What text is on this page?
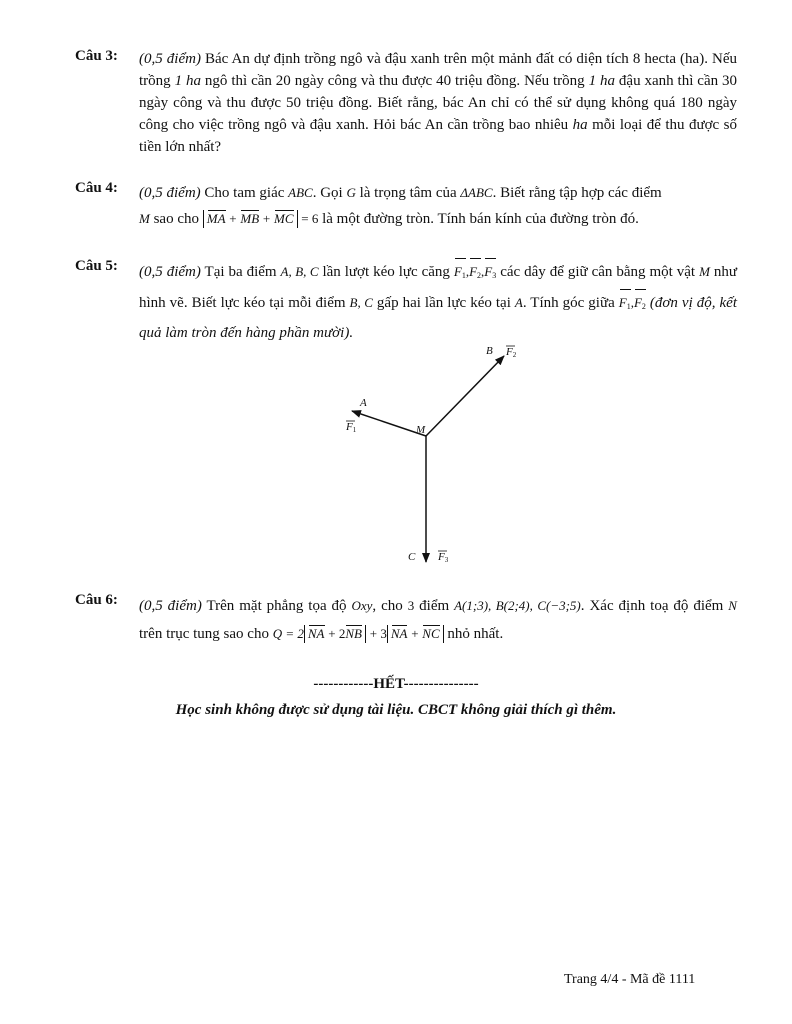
Câu 3: (0,5 điểm) Bác An dự định trồng ngô và đậu xanh trên một mảnh đất có diện tích 8 hecta (ha). Nếu trồng 1 ha ngô thì cần 20 ngày công và thu được 40 triệu đồng. Nếu trồng 1 ha đậu xanh thì cần 30 ngày công và thu được 50 triệu đồng. Biết rằng, bác An chỉ có thể sử dụng không quá 180 ngày công cho việc trồng ngô và đậu xanh. Hỏi bác An cần trồng bao nhiêu ha mỗi loại để thu được số tiền lớn nhất?
Câu 4: (0,5 điểm) Cho tam giác ABC. Gọi G là trọng tâm của ΔABC. Biết rằng tập hợp các điểm
M sao cho MA + MB + MC = 6 là một đường tròn. Tính bán kính của đường tròn đó.
Câu 5: (0,5 điểm) Tại ba điểm A, B, C lần lượt kéo lực căng $F_1,F_2,F_3$ các dây để giữ cân bằng một vật M như hình vẽ. Biết lực kéo tại mỗi điểm B, C gấp hai lần lực kéo tại A. Tính góc giữa $F_1,F_2$ (đơn vị độ, kết quả làm tròn đến hàng phần mười).
A
B
C
M
F1
F2
F3
Câu 6: (0,5 điểm) Trên mặt phẳng tọa độ Oxy, cho 3 điểm A(1;3), B(2;4), C(−3;5). Xác định toạ độ điểm N trên trục tung sao cho Q = 2 NA + 2NB + 3 NA + NC nhỏ nhất.
------------HẾT---------------
Học sinh không được sử dụng tài liệu. CBCT không giải thích gì thêm.
Trang 4/4 - Mã đề 1111
